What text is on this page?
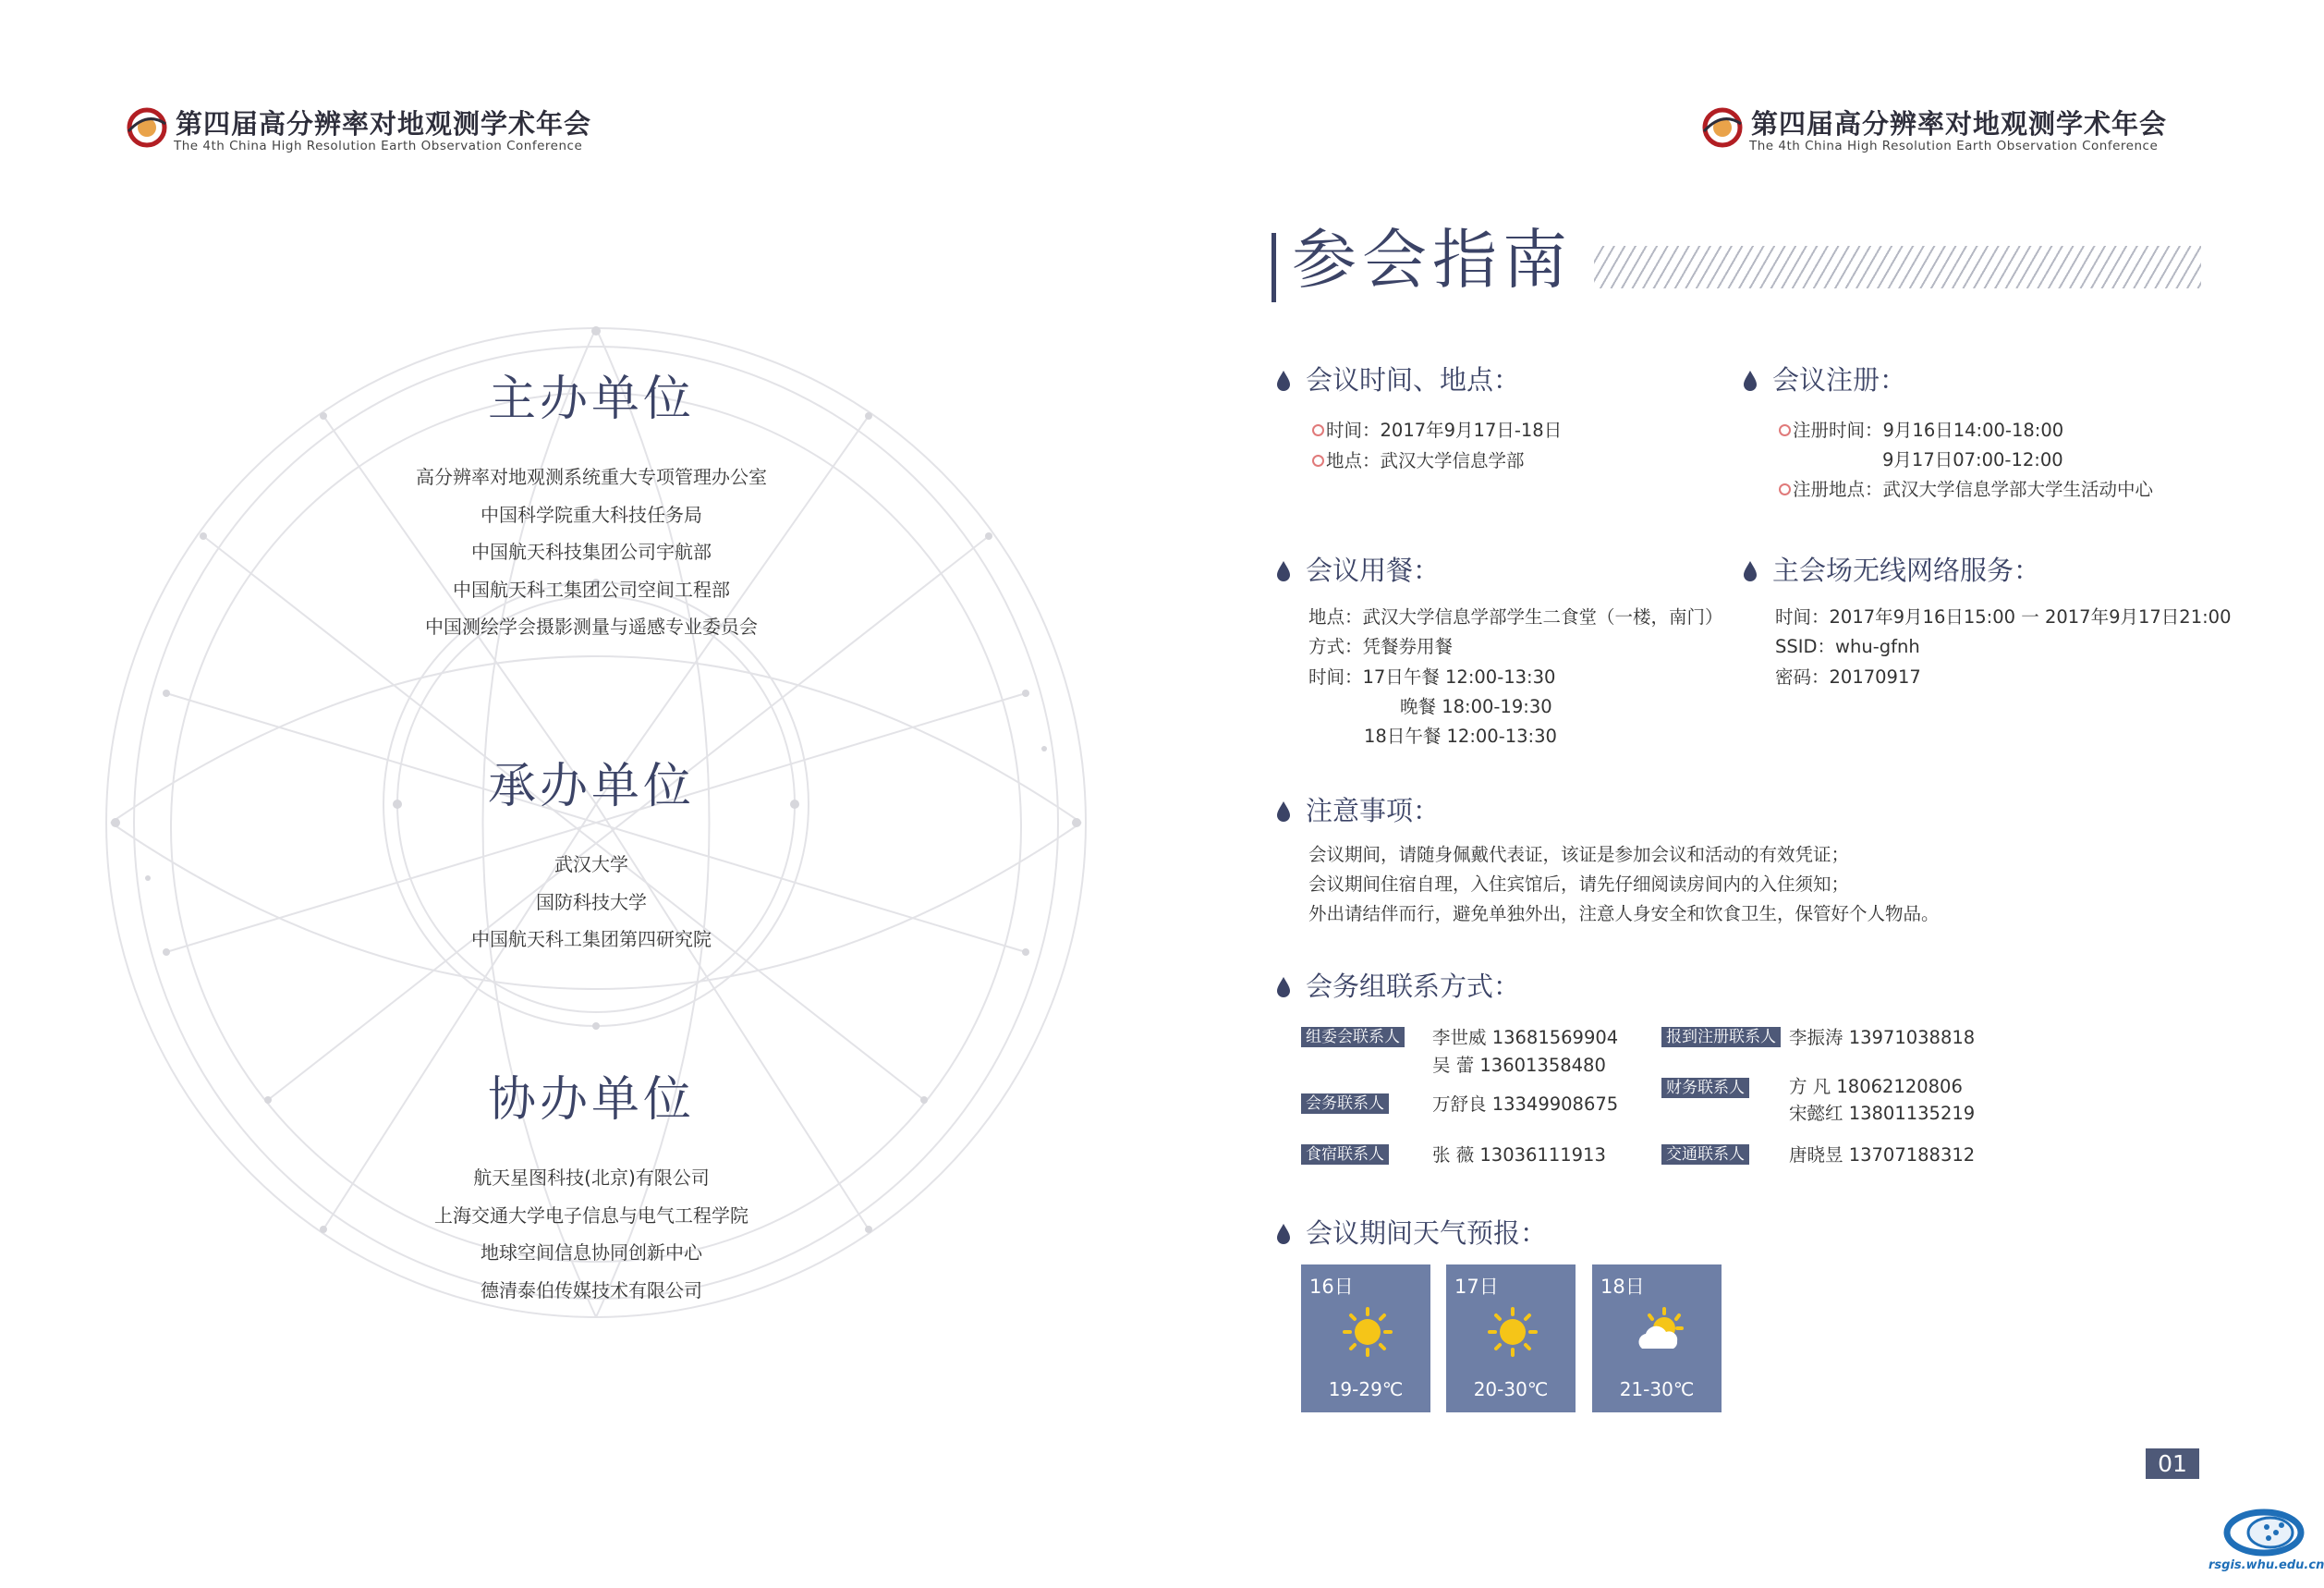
第四届高分辨率对地观测学术年会
The 4th China High Resolution Earth Observation Conference
第四届高分辨率对地观测学术年会
The 4th China High Resolution Earth Observation Conference
主办单位
高分辨率对地观测系统重大专项管理办公室
中国科学院重大科技任务局
中国航天科技集团公司宇航部
中国航天科工集团公司空间工程部
中国测绘学会摄影测量与遥感专业委员会
承办单位
武汉大学
国防科技大学
中国航天科工集团第四研究院
协办单位
航天星图科技(北京)有限公司
上海交通大学电子信息与电气工程学院
地球空间信息协同创新中心
德清泰伯传媒技术有限公司
参会指南
会议时间、地点：
时间：2017年9月17日-18日
地点：武汉大学信息学部
会议注册：
注册时间：9月16日14:00-18:00
9月17日07:00-12:00
注册地点：武汉大学信息学部大学生活动中心
会议用餐：
地点：武汉大学信息学部学生二食堂（一楼，南门）
方式：凭餐券用餐
时间：17日午餐 12:00-13:30
晚餐 18:00-19:30
18日午餐 12:00-13:30
主会场无线网络服务：
时间：2017年9月16日15:00 一 2017年9月17日21:00
SSID：whu-gfnh
密码：20170917
注意事项：
会议期间，请随身佩戴代表证，该证是参加会议和活动的有效凭证；
会议期间住宿自理，入住宾馆后，请先仔细阅读房间内的入住须知；
外出请结伴而行，避免单独外出，注意人身安全和饮食卫生，保管好个人物品。
会务组联系方式：
组委会联系人 李世威 13681569904
吴 蕾 13601358480
会务联系人	万舒良 13349908675
食宿联系人	张 薇 13036111913
报到注册联系人 李振涛 13971038818
财务联系人 方 凡 18062120806
宋懿红 13801135219
交通联系人 唐晓昱 13707188312
会议期间天气预报：
16日
19-29℃
17日
20-30℃
18日
21-30℃
01
rsgis.whu.edu.cn
